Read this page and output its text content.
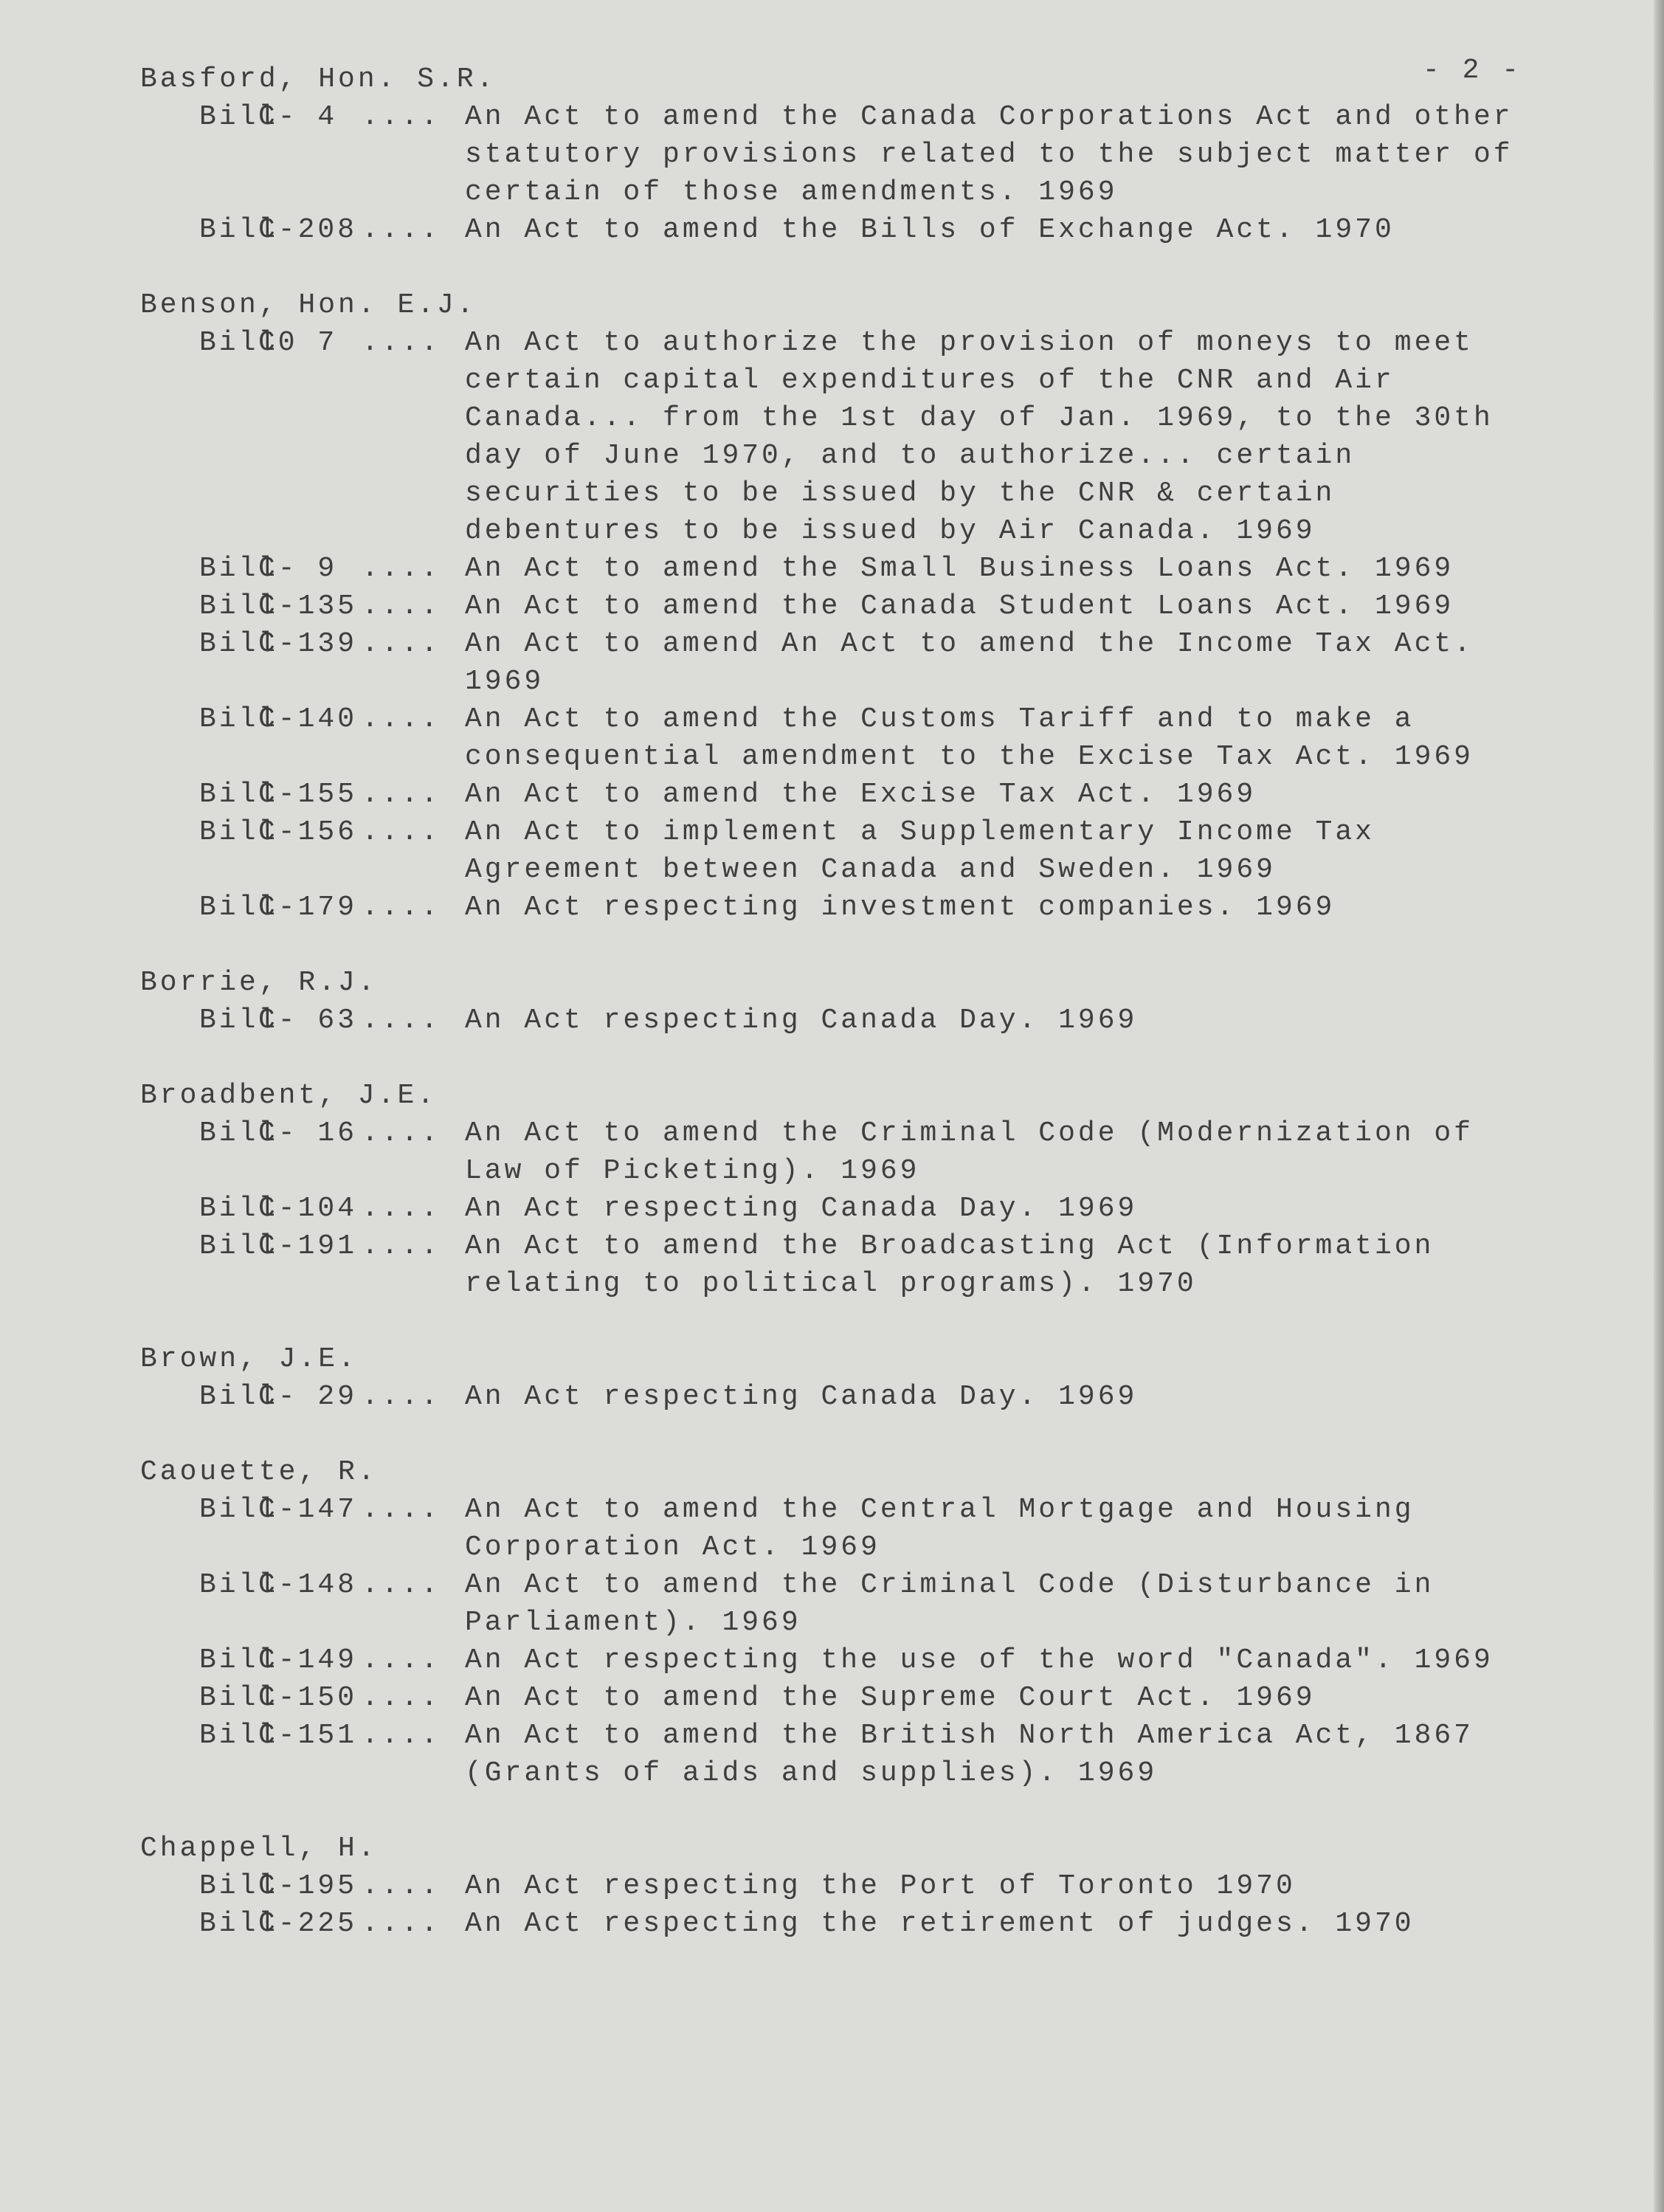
- 2 -
Basford, Hon. S.R.
Bill
C- 4 .... An Act to amend the Canada Corporations Act and other statutory provisions related to the subject matter of certain of those amendments. 1969
Bill
C-208 .... An Act to amend the Bills of Exchange Act. 1970
Benson, Hon. E.J.
Bill
C0 7 .... An Act to authorize the provision of moneys to meet certain capital expenditures of the CNR and Air Canada... from the 1st day of Jan. 1969, to the 30th day of June 1970, and to authorize... certain securities to be issued by the CNR & certain debentures to be issued by Air Canada. 1969
Bill
C- 9 .... An Act to amend the Small Business Loans Act. 1969
Bill
C-135 .... An Act to amend the Canada Student Loans Act. 1969
Bill
C-139 .... An Act to amend An Act to amend the Income Tax Act. 1969
Bill
C-140 .... An Act to amend the Customs Tariff and to make a consequential amendment to the Excise Tax Act. 1969
Bill
C-155 .... An Act to amend the Excise Tax Act. 1969
Bill
C-156 .... An Act to implement a Supplementary Income Tax Agreement between Canada and Sweden. 1969
Bill
C-179 .... An Act respecting investment companies. 1969
Borrie, R.J.
Bill
C- 63 .... An Act respecting Canada Day. 1969
Broadbent, J.E.
Bill
C- 16 .... An Act to amend the Criminal Code (Modernization of Law of Picketing). 1969
Bill
C-104 .... An Act respecting Canada Day. 1969
Bill
C-191 .... An Act to amend the Broadcasting Act (Information relating to political programs). 1970
Brown, J.E.
Bill
C- 29 .... An Act respecting Canada Day. 1969
Caouette, R.
Bill
C-147 .... An Act to amend the Central Mortgage and Housing Corporation Act. 1969
Bill
C-148 .... An Act to amend the Criminal Code (Disturbance in Parliament). 1969
Bill
C-149 .... An Act respecting the use of the word "Canada". 1969
Bill
C-150 .... An Act to amend the Supreme Court Act. 1969
Bill
C-151 .... An Act to amend the British North America Act, 1867 (Grants of aids and supplies). 1969
Chappell, H.
Bill
C-195 .... An Act respecting the Port of Toronto 1970
Bill
C-225 .... An Act respecting the retirement of judges. 1970
